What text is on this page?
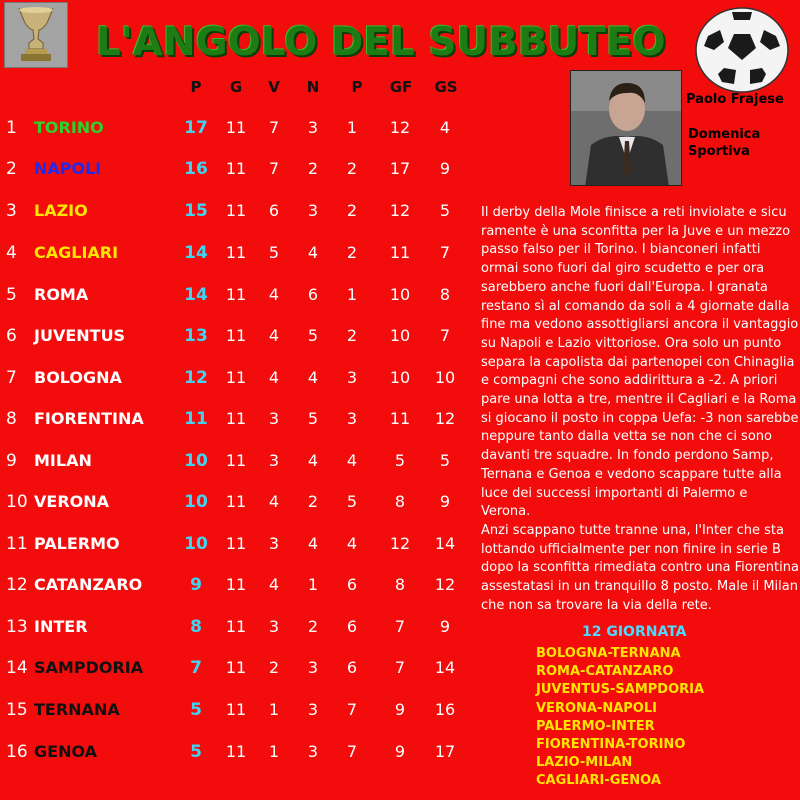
L'ANGOLO DEL SUBBUTEO
Paolo Frajese
Domenica Sportiva
P	G	V	N	P	GF GS
1 TORINO	17	11	7	3	1	12	4
2 NAPOLI	16	11	7	2	2	17	9
3 LAZIO	15	11	6	3	2	12	5
4 CAGLIARI	14	11	5	4	2	11	7
5 ROMA	14	11	4	6	1	10	8
6 JUVENTUS	13	11	4	5	2	10	7
7 BOLOGNA	12	11	4	4	3	10	10
8 FIORENTINA 11	11	3	5	3	11	12
9 MILAN	10	11	3	4	4	5	5
10 VERONA	10	11	4	2	5	8	9
11 PALERMO	10	11	3	4	4	12	14
12 CATANZARO	9	11	4	1	6	8	12
13 INTER	8	11	3	2	6	7	9
14 SAMPDORIA	7	11	2	3	6	7	14
15 TERNANA	5	11	1	3	7	9	16
16 GENOA	5	11	1	3	7	9	17
Il derby della Mole finisce a reti inviolate e sicu
ramente è una sconfitta per la Juve e un mezzo
passo falso per il Torino. I bianconeri infatti
ormai sono fuori dal giro scudetto e per ora
sarebbero anche fuori dall'Europa. I granata
restano sì al comando da soli a 4 giornate dalla
fine ma vedono assottigliarsi ancora il vantaggio
su Napoli e Lazio vittoriose. Ora solo un punto
separa la capolista dai partenopei con Chinaglia
e compagni che sono addirittura a -2. A priori
pare una lotta a tre, mentre il Cagliari e la Roma
si giocano il posto in coppa Uefa: -3 non sarebbe
neppure tanto dalla vetta se non che ci sono
davanti tre squadre. In fondo perdono Samp,
Ternana e Genoa e vedono scappare tutte alla
luce dei successi importanti di Palermo e Verona.
Anzi scappano tutte tranne una, l'Inter che sta
lottando ufficialmente per non finire in serie B
dopo la sconfitta rimediata contro una Fiorentina
assestatasi in un tranquillo 8 posto. Male il Milan
che non sa trovare la via della rete.
12 GIORNATA
BOLOGNA-TERNANA
ROMA-CATANZARO
JUVENTUS-SAMPDORIA
VERONA-NAPOLI
PALERMO-INTER
FIORENTINA-TORINO
LAZIO-MILAN
CAGLIARI-GENOA
